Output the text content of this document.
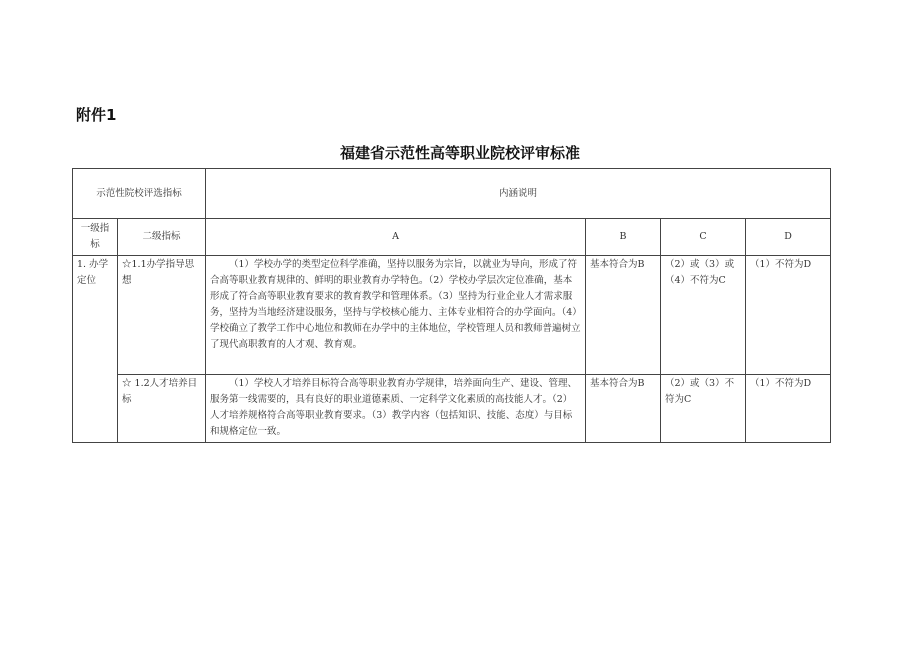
附件1
福建省示范性高等职业院校评审标准
示范性院校评选指标		内涵说明			
一级指标	二级指标	A	B	C	D
1. 办学定位	☆1.1办学指导思想	（1）学校办学的类型定位科学准确，坚持以服务为宗旨，以就业为导向，形成了符合高等职业教育规律的、鲜明的职业教育办学特色。（2）学校办学层次定位准确，基本形成了符合高等职业教育要求的教育教学和管理体系。（3）坚持为行业企业人才需求服务，坚持为当地经济建设服务，坚持与学校核心能力、主体专业相符合的办学面向。（4）学校确立了教学工作中心地位和教师在办学中的主体地位，学校管理人员和教师普遍树立了现代高职教育的人才观、教育观。	基本符合为B	（2）或（3）或（4）不符为C	（1）不符为D
	☆ 1.2人才培养目标	（1）学校人才培养目标符合高等职业教育办学规律，培养面向生产、建设、管理、服务第一线需要的，具有良好的职业道德素质、一定科学文化素质的高技能人才。（2）人才培养规格符合高等职业教育要求。（3）教学内容（包括知识、技能、态度）与目标和规格定位一致。	基本符合为B	（2）或（3）不符为C	（1）不符为D
